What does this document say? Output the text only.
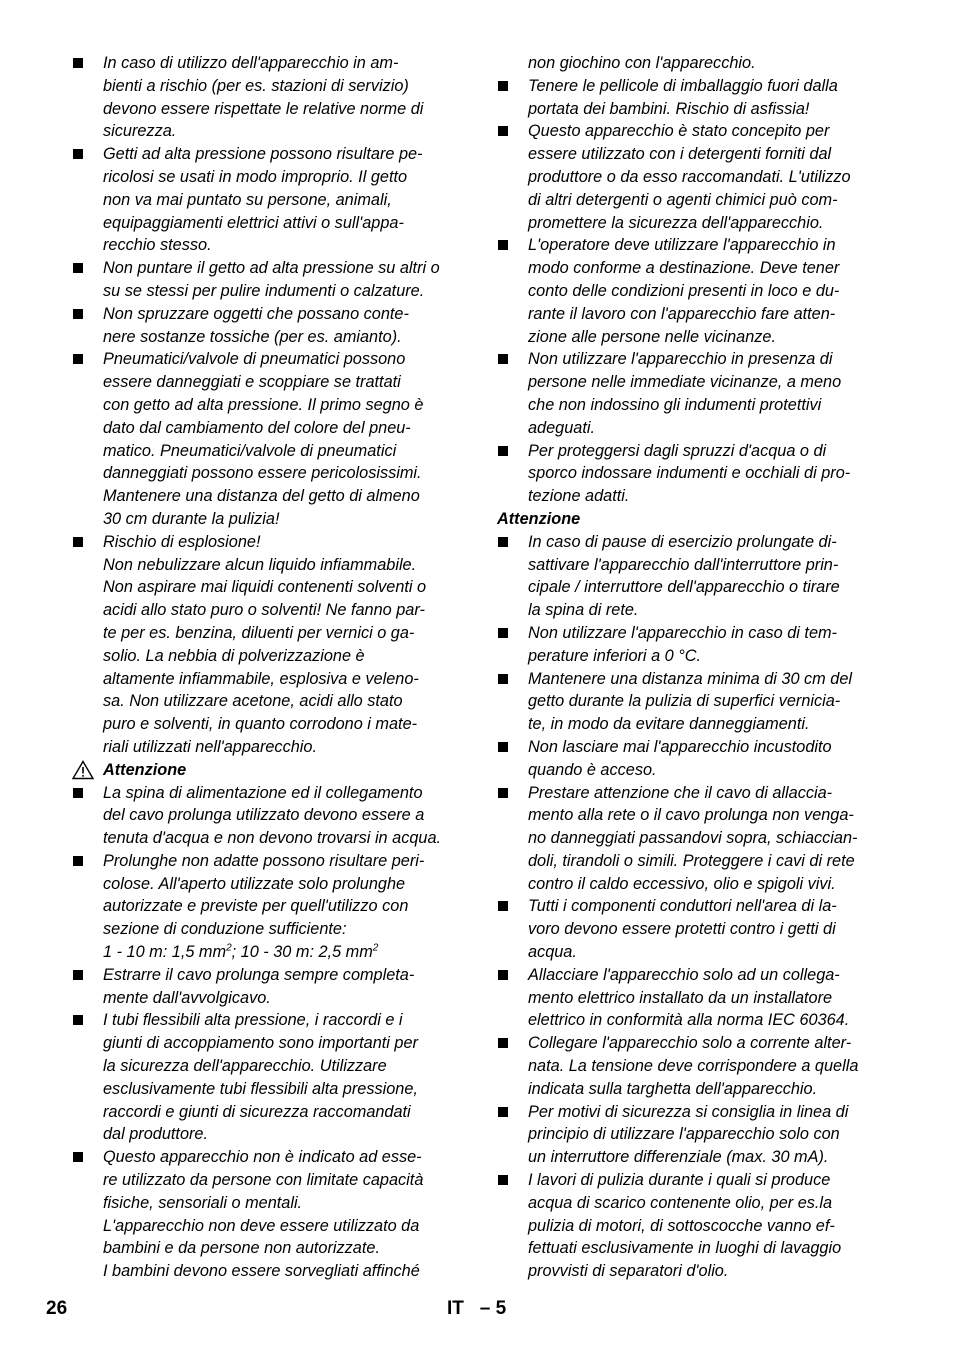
In caso di utilizzo dell'apparecchio in am-
bienti a rischio (per es. stazioni di servizio)
devono essere rispettate le relative norme di
sicurezza.
Getti ad alta pressione possono risultare pe-
ricolosi se usati in modo improprio. Il getto
non va mai puntato su persone, animali,
equipaggiamenti elettrici attivi o sull'appa-
recchio stesso.
Non puntare il getto ad alta pressione su altri o
su se stessi per pulire indumenti o calzature.
Non spruzzare oggetti che possano conte-
nere sostanze tossiche (per es. amianto).
Pneumatici/valvole di pneumatici possono
essere danneggiati e scoppiare se trattati
con getto ad alta pressione. Il primo segno è
dato dal cambiamento del colore del pneu-
matico. Pneumatici/valvole di pneumatici
danneggiati possono essere pericolosissimi.
Mantenere una distanza del getto di almeno
30 cm durante la pulizia!
Rischio di esplosione!
Non nebulizzare alcun liquido infiammabile.
Non aspirare mai liquidi contenenti solventi o
acidi allo stato puro o solventi! Ne fanno par-
te per es. benzina, diluenti per vernici o ga-
solio. La nebbia di polverizzazione è
altamente infiammabile, esplosiva e veleno-
sa. Non utilizzare acetone, acidi allo stato
puro e solventi, in quanto corrodono i mate-
riali utilizzati nell'apparecchio.
Attenzione
La spina di alimentazione ed il collegamento
del cavo prolunga utilizzato devono essere a
tenuta d'acqua e non devono trovarsi in acqua.
Prolunghe non adatte possono risultare peri-
colose. All'aperto utilizzate solo prolunghe
autorizzate e previste per quell'utilizzo con
sezione di conduzione sufficiente:
1 - 10 m: 1,5 $mm^2$; 10 - 30 m: 2,5 $mm^2$
Estrarre il cavo prolunga sempre completa-
mente dall'avvolgicavo.
I tubi flessibili alta pressione, i raccordi e i
giunti di accoppiamento sono importanti per
la sicurezza dell'apparecchio. Utilizzare
esclusivamente tubi flessibili alta pressione,
raccordi e giunti di sicurezza raccomandati
dal produttore.
Questo apparecchio non è indicato ad esse-
re utilizzato da persone con limitate capacità
fisiche, sensoriali o mentali.
L'apparecchio non deve essere utilizzato da
bambini e da persone non autorizzate.
I bambini devono essere sorvegliati affinché
non giochino con l'apparecchio.
Tenere le pellicole di imballaggio fuori dalla
portata dei bambini. Rischio di asfissia!
Questo apparecchio è stato concepito per
essere utilizzato con i detergenti forniti dal
produttore o da esso raccomandati. L'utilizzo
di altri detergenti o agenti chimici può com-
promettere la sicurezza dell'apparecchio.
L'operatore deve utilizzare l'apparecchio in
modo conforme a destinazione. Deve tener
conto delle condizioni presenti in loco e du-
rante il lavoro con l'apparecchio fare atten-
zione alle persone nelle vicinanze.
Non utilizzare l'apparecchio in presenza di
persone nelle immediate vicinanze, a meno
che non indossino gli indumenti protettivi
adeguati.
Per proteggersi dagli spruzzi d'acqua o di
sporco indossare indumenti e occhiali di pro-
tezione adatti.
Attenzione
In caso di pause di esercizio prolungate di-
sattivare l'apparecchio dall'interruttore prin-
cipale / interruttore dell'apparecchio o tirare
la spina di rete.
Non utilizzare l'apparecchio in caso di tem-
perature inferiori a 0 °C.
Mantenere una distanza minima di 30 cm del
getto durante la pulizia di superfici vernicia-
te, in modo da evitare danneggiamenti.
Non lasciare mai l'apparecchio incustodito
quando è acceso.
Prestare attenzione che il cavo di allaccia-
mento alla rete o il cavo prolunga non venga-
no danneggiati passandovi sopra, schiaccian-
doli, tirandoli o simili. Proteggere i cavi di rete
contro il caldo eccessivo, olio e spigoli vivi.
Tutti i componenti conduttori nell'area di la-
voro devono essere protetti contro i getti di
acqua.
Allacciare l'apparecchio solo ad un collega-
mento elettrico installato da un installatore
elettrico in conformità alla norma IEC 60364.
Collegare l'apparecchio solo a corrente alter-
nata. La tensione deve corrispondere a quella
indicata sulla targhetta dell'apparecchio.
Per motivi di sicurezza si consiglia in linea di
principio di utilizzare l'apparecchio solo con
un interruttore differenziale (max. 30 mA).
I lavori di pulizia durante i quali si produce
acqua di scarico contenente olio, per es.la
pulizia di motori, di sottoscocche vanno ef-
fettuati esclusivamente in luoghi di lavaggio
provvisti di separatori d'olio.
26	IT   – 5
